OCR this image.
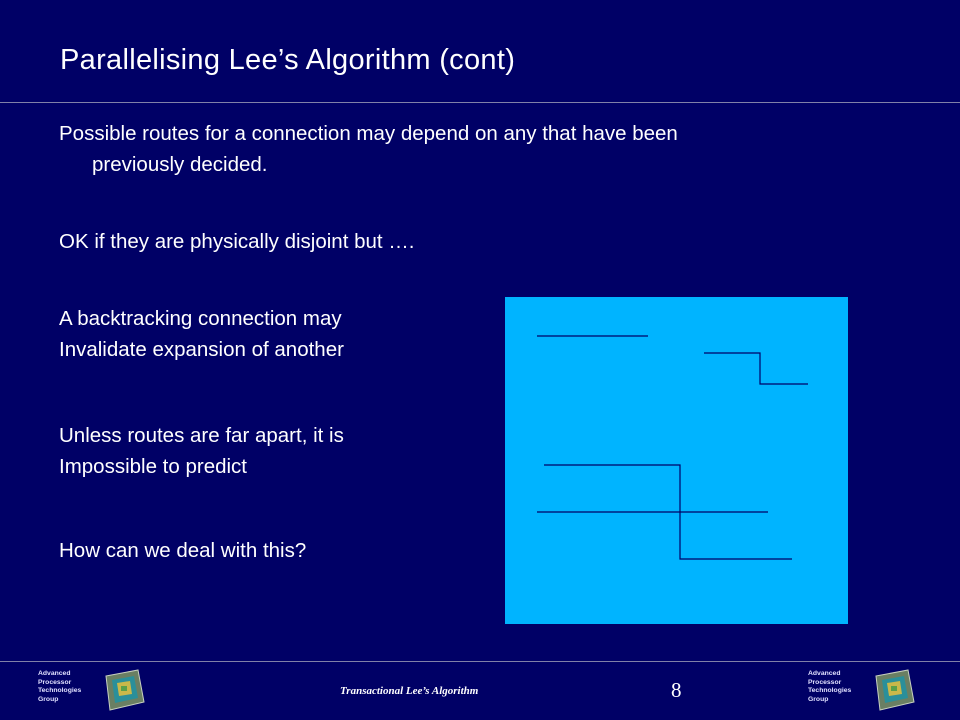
Parallelising Lee’s Algorithm (cont)
Possible routes for a connection may depend on any that have been
previously decided.
OK if they are physically disjoint but ….
A backtracking connection may
Invalidate expansion of another
Unless routes are far apart, it is
Impossible to predict
How can we deal with this?
Advanced
Processor
Technologies
Group
Transactional Lee’s Algorithm	8
Advanced
Processor
Technologies
Group
